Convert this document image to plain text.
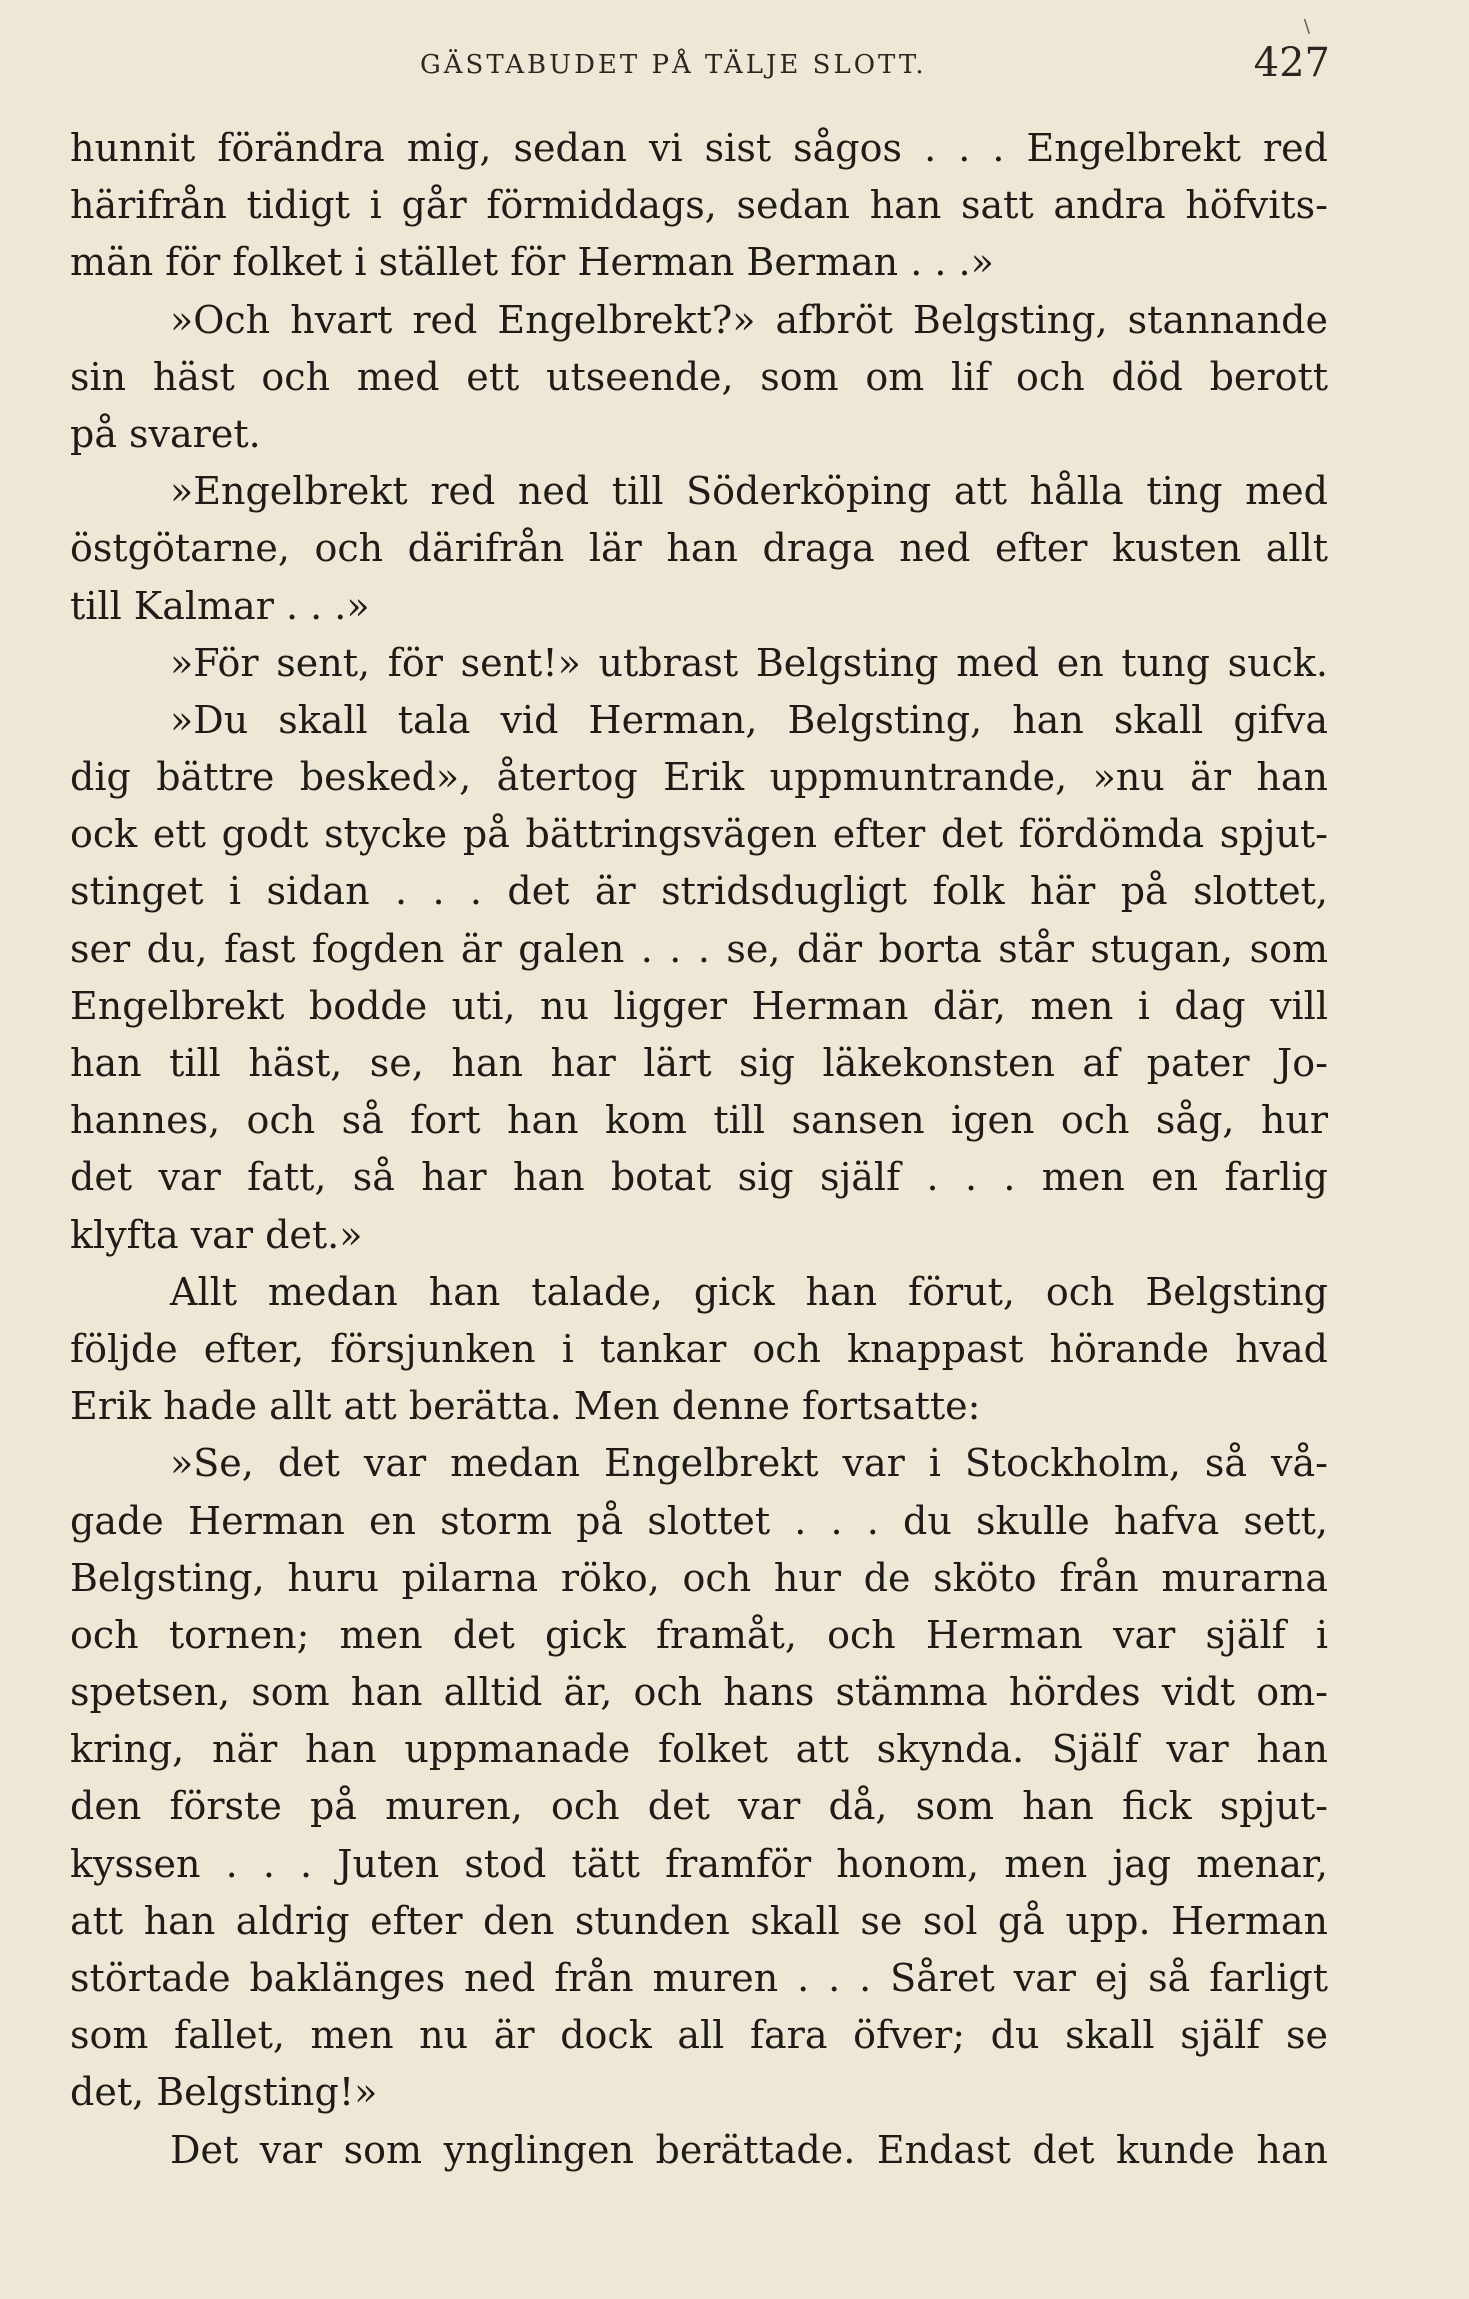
GÄSTABUDET PÅ TÄLJE SLOTT.
\
427
hunnit förändra mig, sedan vi sist sågos . . . Engelbrekt red
härifrån tidigt i går förmiddags, sedan han satt andra höfvits-
män för folket i stället för Herman Berman . . .»
»Och hvart red Engelbrekt?» afbröt Belgsting, stannande
sin häst och med ett utseende, som om lif och död berott
på svaret.
»Engelbrekt red ned till Söderköping att hålla ting med
östgötarne, och därifrån lär han draga ned efter kusten allt
till Kalmar . . .»
»För sent, för sent!» utbrast Belgsting med en tung suck.
»Du skall tala vid Herman, Belgsting, han skall gifva
dig bättre besked», återtog Erik uppmuntrande, »nu är han
ock ett godt stycke på bättringsvägen efter det fördömda spjut-
stinget i sidan . . . det är stridsdugligt folk här på slottet,
ser du, fast fogden är galen . . . se, där borta står stugan, som
Engelbrekt bodde uti, nu ligger Herman där, men i dag vill
han till häst, se, han har lärt sig läkekonsten af pater Jo-
hannes, och så fort han kom till sansen igen och såg, hur
det var fatt, så har han botat sig själf . . . men en farlig
klyfta var det.»
Allt medan han talade, gick han förut, och Belgsting
följde efter, försjunken i tankar och knappast hörande hvad
Erik hade allt att berätta. Men denne fortsatte:
»Se, det var medan Engelbrekt var i Stockholm, så vå-
gade Herman en storm på slottet . . . du skulle hafva sett,
Belgsting, huru pilarna röko, och hur de sköto från murarna
och tornen; men det gick framåt, och Herman var själf i
spetsen, som han alltid är, och hans stämma hördes vidt om-
kring, när han uppmanade folket att skynda. Själf var han
den förste på muren, och det var då, som han fick spjut-
kyssen . . . Juten stod tätt framför honom, men jag menar,
att han aldrig efter den stunden skall se sol gå upp. Herman
störtade baklänges ned från muren . . . Såret var ej så farligt
som fallet, men nu är dock all fara öfver; du skall själf se
det, Belgsting!»
Det var som ynglingen berättade. Endast det kunde han
